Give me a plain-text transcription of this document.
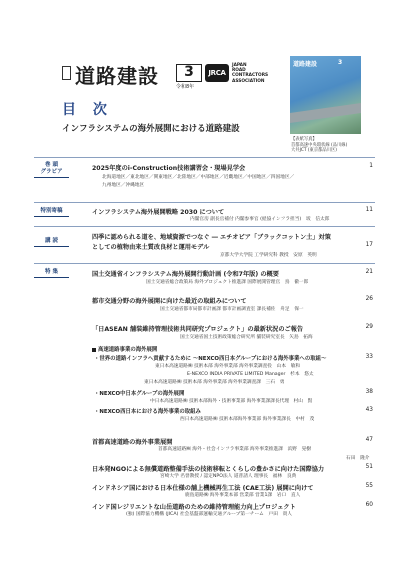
道路建設	3
令和8年
JRCA
JAPAN
ROAD
CONTRACTORS
ASSOCIATION
道路建設	3
【表紙写真】
首都高速中央環状線 (品川線)
大井JCT (東京都品川区)
目 次
インフラシステムの海外展開における道路建設
巻 頭
グラビア	2025年度のi-Construction技術講習会・現場見学会	1
北海道地区／東北地区／関東地区／北陸地区／中部地区／近畿地区／中国地区／四国地区／
九州地区／沖縄地区
特別寄稿	インフラシステム海外展開戦略 2030 について	11
内閣官房 副長官補付 内閣参事官 (経協インフラ担当)　坂　信太郎
講 読	四季に認められる道を、地域資源でつなぐ ― エチオピア「ブラックコットン土」対策
としての植物由来土質改良材と運用モデル	17
京都大学大学院 工学研究科 教授　安原　英明
特 集	国土交通省インフラシステム海外展開行動計画 (令和7年版) の概要	21
国土交通省総合政策局 海外プロジェクト推進課 国際展開管理官　鳥　徹一郎
都市交通分野の海外展開に向けた最近の取組みについて	26
国土交通省都市局都市計画課 都市計画調査室 課長補佐　舟足　保一
「日ASEAN 舗装維持管理技術共同研究プロジェクト」の最新状況のご報告	29
国土交通省国土技術政策総合研究所 舗装研究室長　矢島　拓海
高速道路事業の海外展開
・世界の道路インフラへ貢献するために ～NEXCO西日本グループにおける海外事業への取組～	33
東日本高速道路㈱ 技術本部 海外事業部 海外事業調査役　山本　敏和
E-NEXCO INDIA PRIVATE LIMITED Manager　杉本　悠太
東日本高速道路㈱ 技術本部 海外事業部 海外事業調査課　三石　勇
・NEXCO中日本グループの海外展開	38
中日本高速道路㈱ 技術本部海外・技術事業部 海外事業課課長代理　村山　賢
・NEXCO西日本における海外事業の取組み	43
西日本高速道路㈱ 技術本部海外事業部 海外事業課長　中村　茂
首都高速道路の海外事業展開	47
首都高速道路㈱ 海外・社会インフラ事業部 海外事業推進課　浜野　晃樹
石田　隆介
日本発NGOによる無償道路整備手法の技術移転とくらしの豊かさに向けた国際協力	51
宮崎大学 名誉教授 / 認定NPO法人 道普請人 理事長　福林　良典
インドネシア国における日本仕様の舗上機械再生工法 (CAE工法) 展開に向けて	55
鹿島道路㈱ 海外事業本部 営業部 営業1課　岩口　直人
インド国レジリエントな山岳道路のための維持管理能力向上プロジェクト	60
(独) 国際協力機構 (JICA) 社会基盤部運輸交通グループ第一チーム　戸田　貴人
